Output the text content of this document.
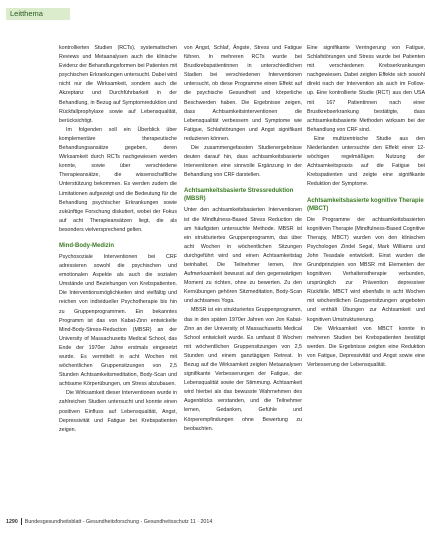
Leitthema

kontrollierten Studien (RCTs), systematischen Reviews und Metaanalysen auch die klinische Evidenz der Behandlungsformen bei Patienten mit psychischen Erkrankungen untersucht. Dabei wird nicht nur die Wirksamkeit, sondern auch die Akzeptanz und Durchführbarkeit in der Behandlung, in Bezug auf Symptomreduktion und Rückfallprophylaxe sowie auf Lebensqualität, berücksichtigt.

Im folgenden soll ein Überblick über komplementäre therapeutische Behandlungsansätze gegeben, deren Wirksamkeit durch RCTs nachgewiesen werden konnte, sowie über verschiedene Therapieansätze, die wissenschaftliche Unterstützung bekommen. Es werden zudem die Limitationen aufgezeigt und die Bedeutung für die Behandlung psychischer Erkrankungen sowie zukünftige Forschung diskutiert, wobei der Fokus auf acht Therapieansätzen liegt, die als besonders vielversprechend gelten.

Mind-Body-Medizin

Psychosoziale Interventionen bei CRF adressieren sowohl die psychischen und emotionalen Aspekte als auch die sozialen Umstände und Beziehungen von Krebspatienten. Die Interventionsmöglichkeiten sind vielfältig und reichen von individueller Psychotherapie bis hin zu Gruppenprogrammen. Ein bekanntes Programm ist das von Kabat-Zinn entwickelte Mind-Body-Stress-Reduction (MBSR) an der University of Massachusetts Medical School, das Ende der 1970er Jahre erstmals eingesetzt wurde. Es vermittelt in acht Wochen mit wöchentlichen Gruppensitzungen von 2,5 Stunden Achtsamkeitsmeditation, Body-Scan und achtsame Körperübungen, um Stress abzubauen.

Die Wirksamkeit dieser Interventionen wurde in zahlreichen Studien untersucht und konnte einen positiven Einfluss auf Lebensqualität, Angst, Depressivität und Fatigue bei Krebspatienten zeigen.

von Angst, Schlaf, Ängste, Stress und Fatigue führen. In mehreren RCTs wurde bei Brustkrebspatientinnen in unterschiedlichen Stadien bei verschiedenen Interventionen untersucht, ob diese Programme einen Effekt auf die psychische Gesundheit und körperliche Beschwerden haben. Die Ergebnisse zeigen, dass Achtsamkeitsinterventionen die Lebensqualität verbessern und Symptome wie Fatigue, Schlafstörungen und Angst signifikant reduzieren können.

Die zusammengefassten Studienergebnisse deuten darauf hin, dass achtsamkeitsbasierte Interventionen eine sinnvolle Ergänzung in der Behandlung von CRF darstellen.

Achtsamkeitsbasierte Stressreduktion (MBSR)

Unter den achtsamkeitsbasierten Interventionen ist die Mindfulness-Based Stress Reduction die am häufigsten untersuchte Methode. MBSR ist ein strukturiertes Gruppenprogramm, das über acht Wochen in wöchentlichen Sitzungen durchgeführt wird und einen Achtsamkeitstag beinhaltet. Die Teilnehmer lernen, ihre Aufmerksamkeit bewusst auf den gegenwärtigen Moment zu richten, ohne zu bewerten. Zu den Kernübungen gehören Sitzmeditation, Body-Scan und achtsames Yoga.

MBSR ist ein strukturiertes Gruppenprogramm, das in den späten 1970er Jahren von Jon Kabat-Zinn an der University of Massachusetts Medical School entwickelt wurde. Es umfasst 8 Wochen mit wöchentlichen Gruppensitzungen von 2,5 Stunden und einem ganztägigen Retreat. In Bezug auf die Wirksamkeit zeigten Metaanalysen signifikante Verbesserungen der Fatigue, der Lebensqualität sowie der Stimmung. Achtsamkeit wird hierbei als das bewusste Wahrnehmen des Augenblicks verstanden, und die Teilnehmer lernen, Gedanken, Gefühle und Körperempfindungen ohne Bewertung zu beobachten.

Eine signifikante Verringerung von Fatigue, Schlafstörungen und Stress wurde bei Patienten mit verschiedenen Krebserkrankungen nachgewiesen. Dabei zeigten Effekte sich sowohl direkt nach der Intervention als auch im Follow-up. Eine kontrollierte Studie (RCT) aus den USA mit 167 Patientinnen nach einer Brustkrebserkrankung bestätigte, dass achtsamkeitsbasierte Methoden wirksam bei der Behandlung von CRF sind.

Eine multizentrische Studie aus den Niederlanden untersuchte den Effekt einer 12-wöchigen regelmäßigen Nutzung der Achtsamkeitspraxis auf die Fatigue bei Krebspatienten und zeigte eine signifikante Reduktion der Symptome.

Achtsamkeitsbasierte kognitive Therapie (MBCT)

Die Programme der achtsamkeitsbasierten kognitiven Therapie (Mindfulness-Based Cognitive Therapy, MBCT) wurden von den klinischen Psychologen Zindel Segal, Mark Williams und John Teasdale entwickelt. Einst wurden die Grundprinzipien von MBSR mit Elementen der kognitiven Verhaltenstherapie verbunden, ursprünglich zur Prävention depressiver Rückfälle. MBCT wird ebenfalls in acht Wochen mit wöchentlichen Gruppensitzungen angeboten und enthält Übungen zur Achtsamkeit und kognitiven Umstrukturierung.

Die Wirksamkeit von MBCT konnte in mehreren Studien bei Krebspatienten bestätigt werden. Die Ergebnisse zeigten eine Reduktion von Fatigue, Depressivität und Angst sowie eine Verbesserung der Lebensqualität.

1290 Bundesgesundheitsblatt - Gesundheitsforschung - Gesundheitsschutz 11 · 2014
